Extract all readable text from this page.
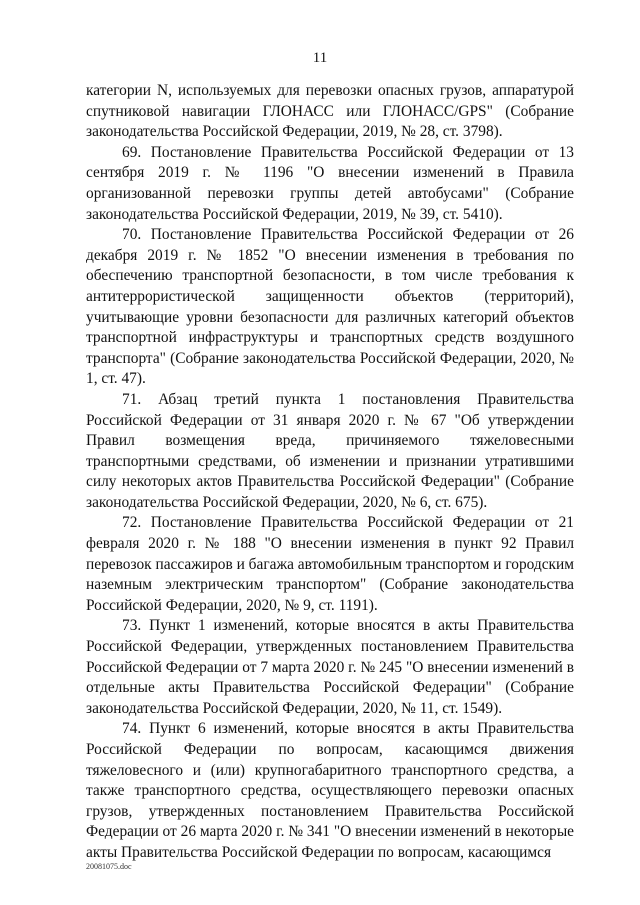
11

категории N, используемых для перевозки опасных грузов, аппаратурой спутниковой навигации ГЛОНАСС или ГЛОНАСС/GPS" (Собрание законодательства Российской Федерации, 2019, № 28, ст. 3798).

69. Постановление Правительства Российской Федерации от 13 сентября 2019 г. № 1196 "О внесении изменений в Правила организованной перевозки группы детей автобусами" (Собрание законодательства Российской Федерации, 2019, № 39, ст. 5410).

70. Постановление Правительства Российской Федерации от 26 декабря 2019 г. № 1852 "О внесении изменения в требования по обеспечению транспортной безопасности, в том числе требования к антитеррористической защищенности объектов (территорий), учитывающие уровни безопасности для различных категорий объектов транспортной инфраструктуры и транспортных средств воздушного транспорта" (Собрание законодательства Российской Федерации, 2020, № 1, ст. 47).

71. Абзац третий пункта 1 постановления Правительства Российской Федерации от 31 января 2020 г. № 67 "Об утверждении Правил возмещения вреда, причиняемого тяжеловесными транспортными средствами, об изменении и признании утратившими силу некоторых актов Правительства Российской Федерации" (Собрание законодательства Российской Федерации, 2020, № 6, ст. 675).

72. Постановление Правительства Российской Федерации от 21 февраля 2020 г. № 188 "О внесении изменения в пункт 92 Правил перевозок пассажиров и багажа автомобильным транспортом и городским наземным электрическим транспортом" (Собрание законодательства Российской Федерации, 2020, № 9, ст. 1191).

73. Пункт 1 изменений, которые вносятся в акты Правительства Российской Федерации, утвержденных постановлением Правительства Российской Федерации от 7 марта 2020 г. № 245 "О внесении изменений в отдельные акты Правительства Российской Федерации" (Собрание законодательства Российской Федерации, 2020, № 11, ст. 1549).

74. Пункт 6 изменений, которые вносятся в акты Правительства Российской Федерации по вопросам, касающимся движения тяжеловесного и (или) крупногабаритного транспортного средства, а также транспортного средства, осуществляющего перевозки опасных грузов, утвержденных постановлением Правительства Российской Федерации от 26 марта 2020 г. № 341 "О внесении изменений в некоторые акты Правительства Российской Федерации по вопросам, касающимся

20081075.doc
